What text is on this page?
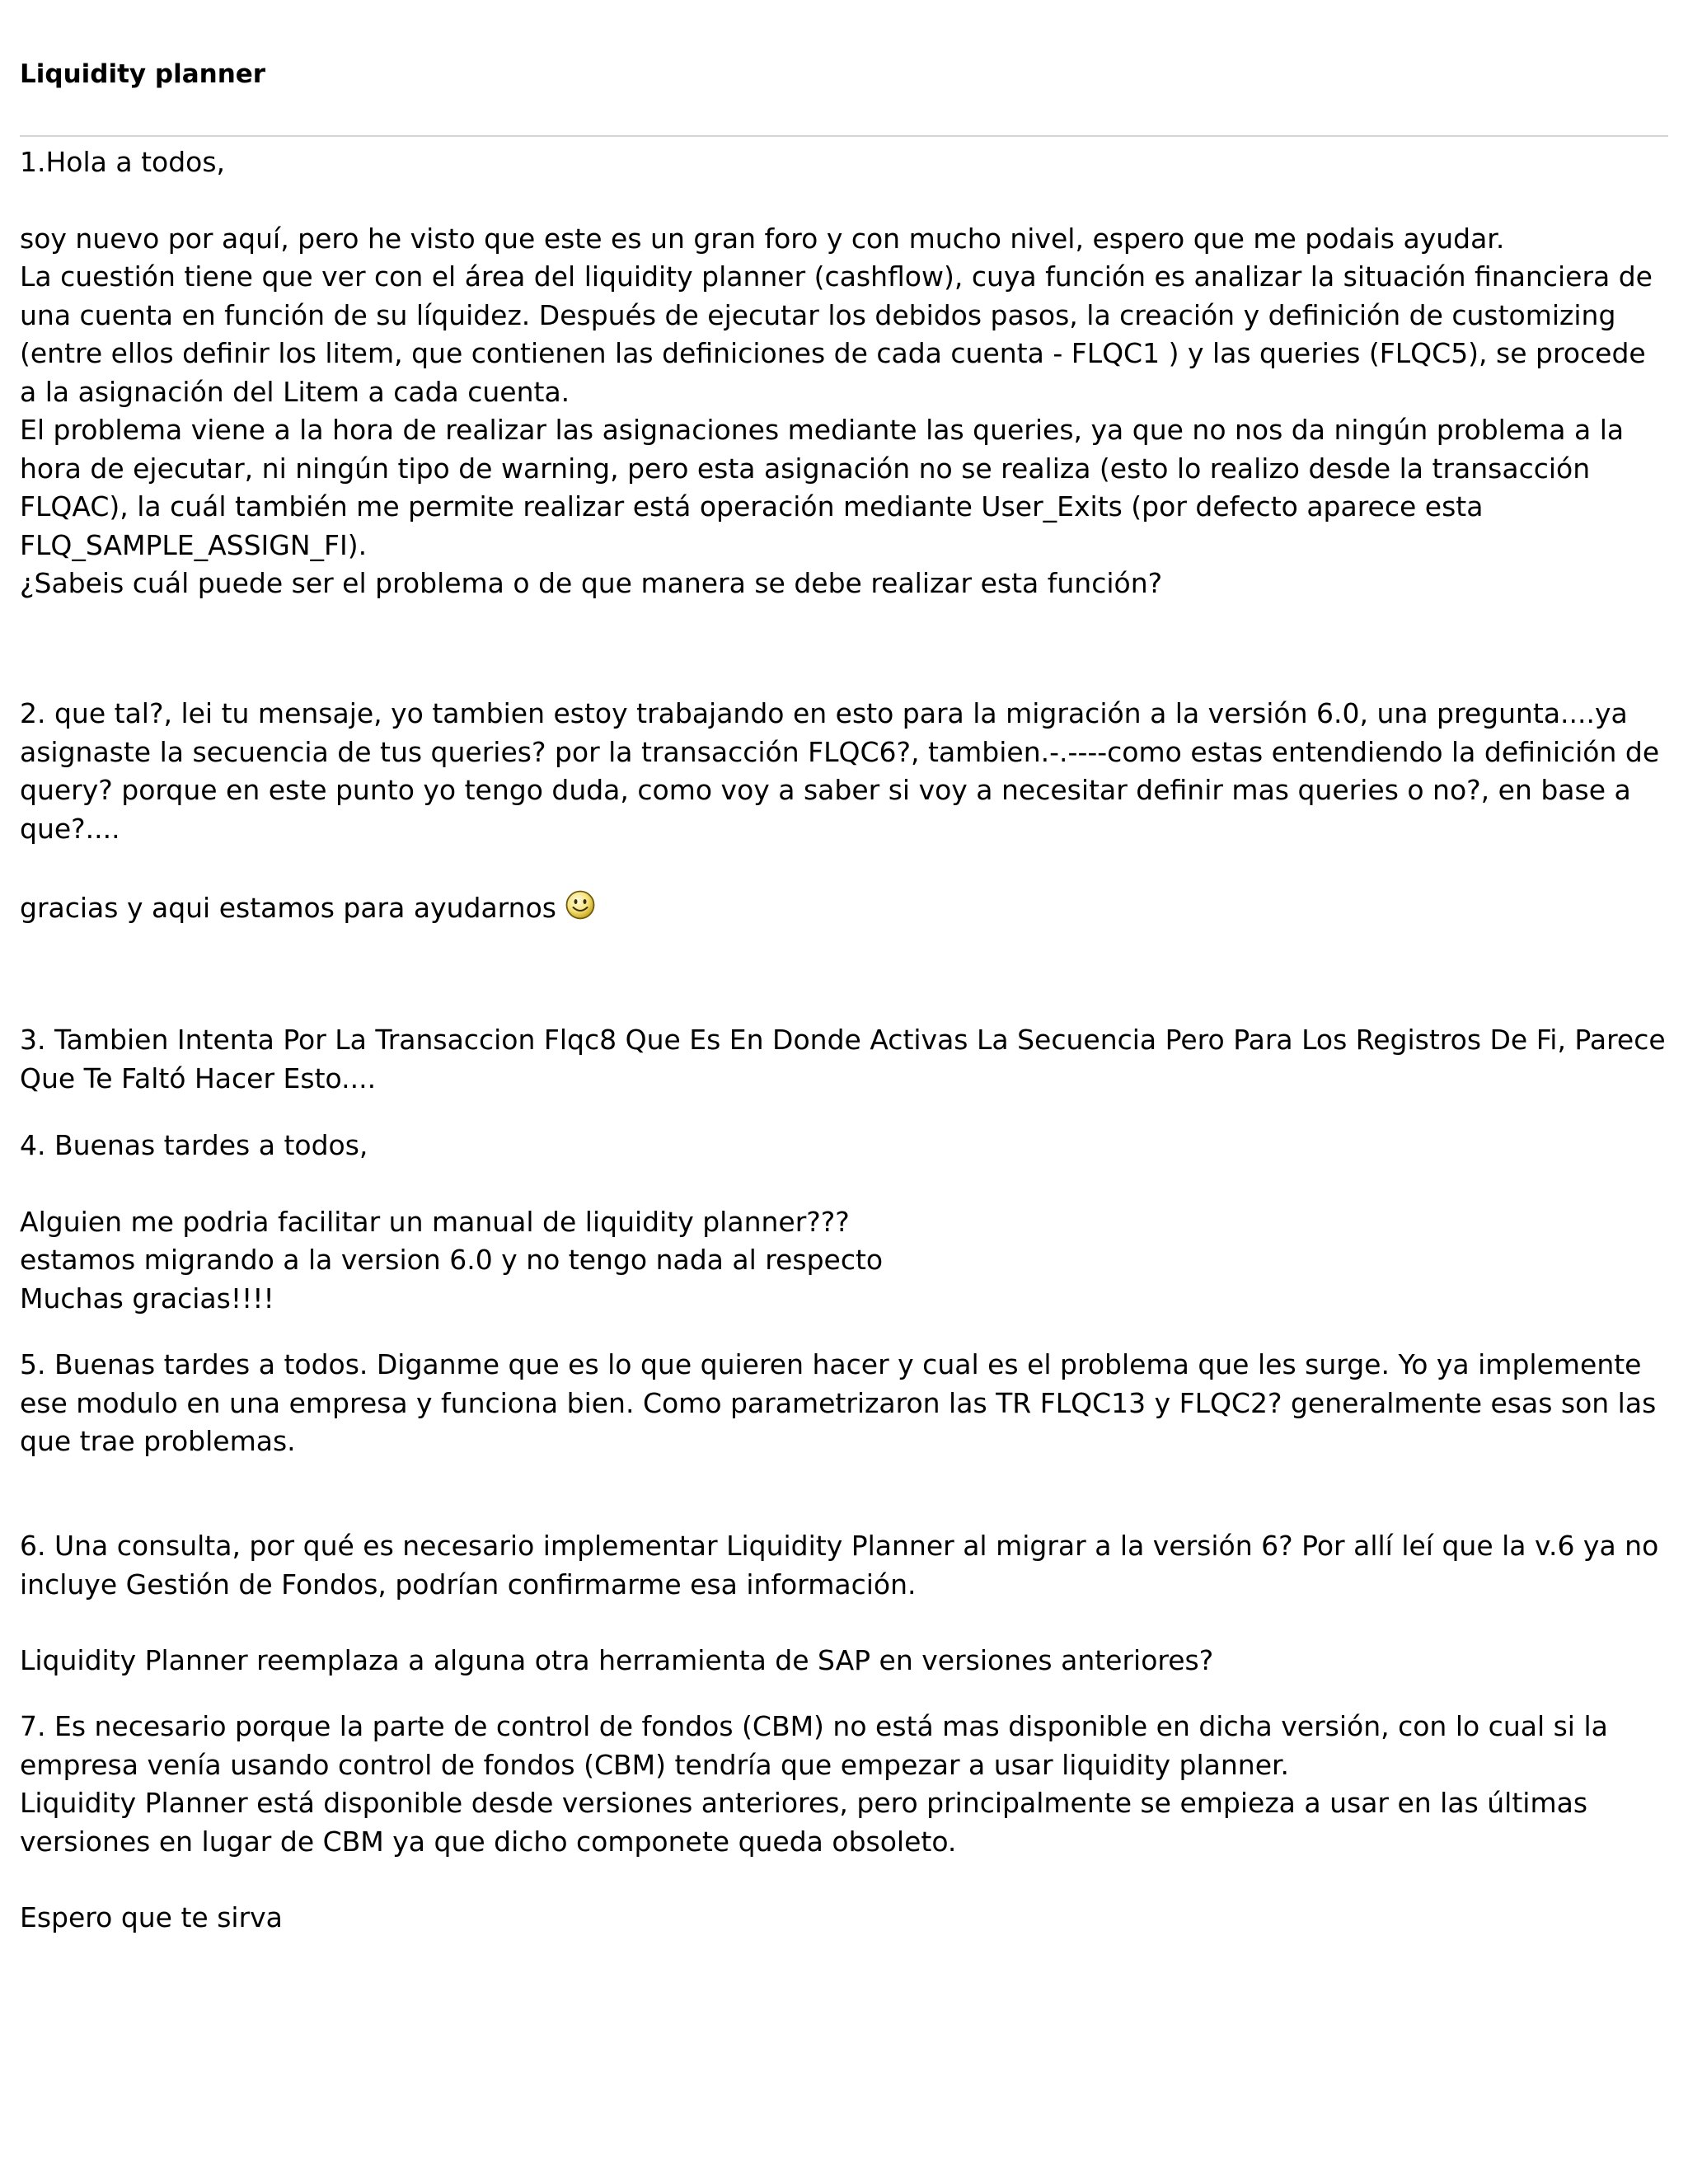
Liquidity planner

1.Hola a todos,

soy nuevo por aquí, pero he visto que este es un gran foro y con mucho nivel, espero que me podais ayudar.

La cuestión tiene que ver con el área del liquidity planner (cashflow), cuya función es analizar la situación financiera de una cuenta en función de su líquidez. Después de ejecutar los debidos pasos, la creación y definición de customizing (entre ellos definir los litem, que contienen las definiciones de cada cuenta - FLQC1 ) y las queries (FLQC5), se procede a la asignación del Litem a cada cuenta.

El problema viene a la hora de realizar las asignaciones mediante las queries, ya que no nos da ningún problema a la hora de ejecutar, ni ningún tipo de warning, pero esta asignación no se realiza (esto lo realizo desde la transacción FLQAC), la cuál también me permite realizar está operación mediante User_Exits (por defecto aparece esta FLQ_SAMPLE_ASSIGN_FI).

¿Sabeis cuál puede ser el problema o de que manera se debe realizar esta función?

2. que tal?, lei tu mensaje, yo tambien estoy trabajando en esto para la migración a la versión 6.0, una pregunta....ya asignaste la secuencia de tus queries? por la transacción FLQC6?, tambien.-.----como estas entendiendo la definición de query? porque en este punto yo tengo duda, como voy a saber si voy a necesitar definir mas queries o no?, en base a que?....

gracias y aqui estamos para ayudarnos

3. Tambien Intenta Por La Transaccion Flqc8 Que Es En Donde Activas La Secuencia Pero Para Los Registros De Fi, Parece Que Te Faltó Hacer Esto....

4. Buenas tardes a todos,

Alguien me podria facilitar un manual de liquidity planner???

estamos migrando a la version 6.0 y no tengo nada al respecto

Muchas gracias!!!!

5. Buenas tardes a todos. Diganme que es lo que quieren hacer y cual es el problema que les surge. Yo ya implemente ese modulo en una empresa y funciona bien. Como parametrizaron las TR FLQC13 y FLQC2? generalmente esas son las que trae problemas.

6. Una consulta, por qué es necesario implementar Liquidity Planner al migrar a la versión 6? Por allí leí que la v.6 ya no incluye Gestión de Fondos, podrían confirmarme esa información.

Liquidity Planner reemplaza a alguna otra herramienta de SAP en versiones anteriores?

7. Es necesario porque la parte de control de fondos (CBM) no está mas disponible en dicha versión, con lo cual si la empresa venía usando control de fondos (CBM) tendría que empezar a usar liquidity planner.

Liquidity Planner está disponible desde versiones anteriores, pero principalmente se empieza a usar en las últimas versiones en lugar de CBM ya que dicho componete queda obsoleto.

Espero que te sirva
